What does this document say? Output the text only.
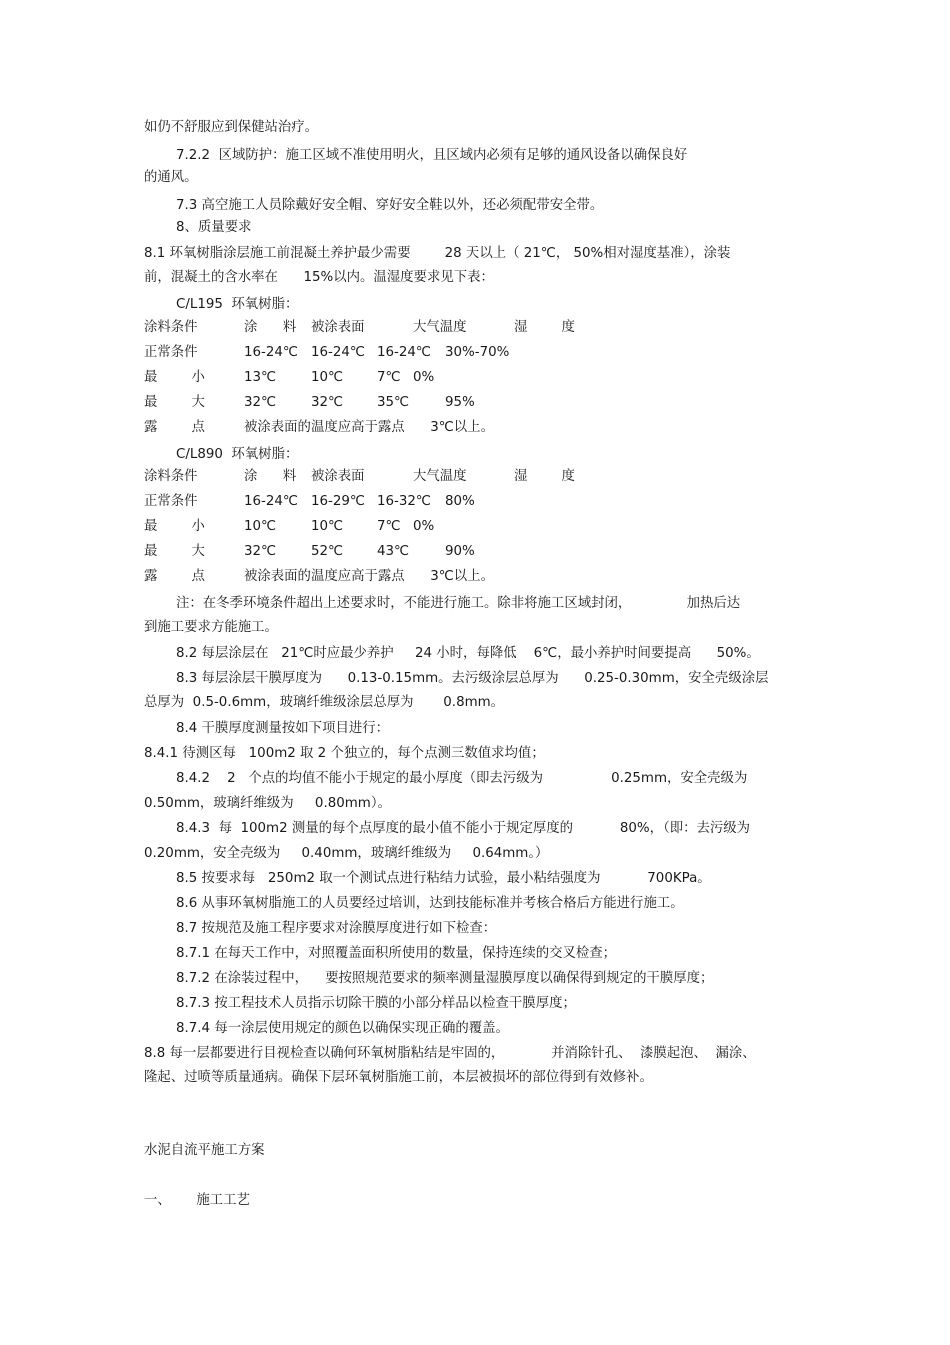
如仍不舒服应到保健站治疗。
7.2.2  区域防护：施工区域不准使用明火，且区域内必须有足够的通风设备以确保良好
的通风。
7.3 高空施工人员除戴好安全帽、穿好安全鞋以外，还必须配带安全带。
8、质量要求
8.1 环氧树脂涂层施工前混凝土养护最少需要        28 天以上（ 21℃， 50%相对湿度基准），涂装
前，混凝土的含水率在      15%以内。温湿度要求见下表：
C/L195  环氧树脂：
涂料条件	涂      料 被涂表面	大气温度	湿        度
正常条件	16-24℃ 16-24℃ 16-24℃ 30%-70%
最        小	13℃	10℃	7℃ 0%
最        大	32℃	32℃	35℃	95%
露        点	被涂表面的温度应高于露点      3℃以上。
C/L890  环氧树脂：
涂料条件	涂      料 被涂表面	大气温度	湿        度
正常条件	16-24℃ 16-29℃ 16-32℃ 80%
最        小	10℃	10℃	7℃ 0%
最        大	32℃	52℃	43℃	90%
露        点	被涂表面的温度应高于露点      3℃以上。
注：在冬季环境条件超出上述要求时，不能进行施工。除非将施工区域封闭，             加热后达
到施工要求方能施工。
8.2 每层涂层在   21℃时应最少养护     24 小时，每降低    6℃，最小养护时间要提高      50%。
8.3 每层涂层干膜厚度为      0.13-0.15mm。去污级涂层总厚为      0.25-0.30mm，安全壳级涂层
总厚为  0.5-0.6mm，玻璃纤维级涂层总厚为       0.8mm。
8.4 干膜厚度测量按如下项目进行：
8.4.1 待测区每   100m2 取 2 个独立的，每个点测三数值求均值；
8.4.2    2   个点的均值不能小于规定的最小厚度（即去污级为                0.25mm，安全壳级为
0.50mm，玻璃纤维级为     0.80mm）。
8.4.3  每  100m2 测量的每个点厚度的最小值不能小于规定厚度的           80%，（即：去污级为
0.20mm，安全壳级为     0.40mm，玻璃纤维级为     0.64mm。）
8.5 按要求每   250m2 取一个测试点进行粘结力试验，最小粘结强度为           700KPa。
8.6 从事环氧树脂施工的人员要经过培训，达到技能标准并考核合格后方能进行施工。
8.7 按规范及施工程序要求对涂膜厚度进行如下检查：
8.7.1 在每天工作中，对照覆盖面积所使用的数量，保持连续的交叉检查；
8.7.2 在涂装过程中，    要按照规范要求的频率测量湿膜厚度以确保得到规定的干膜厚度；
8.7.3 按工程技术人员指示切除干膜的小部分样品以检查干膜厚度；
8.7.4 每一涂层使用规定的颜色以确保实现正确的覆盖。
8.8 每一层都要进行目视检查以确何环氧树脂粘结是牢固的，           并消除针孔、  漆膜起泡、  漏涂、
隆起、过喷等质量通病。确保下层环氧树脂施工前，本层被损坏的部位得到有效修补。
水泥自流平施工方案
一、      施工工艺
